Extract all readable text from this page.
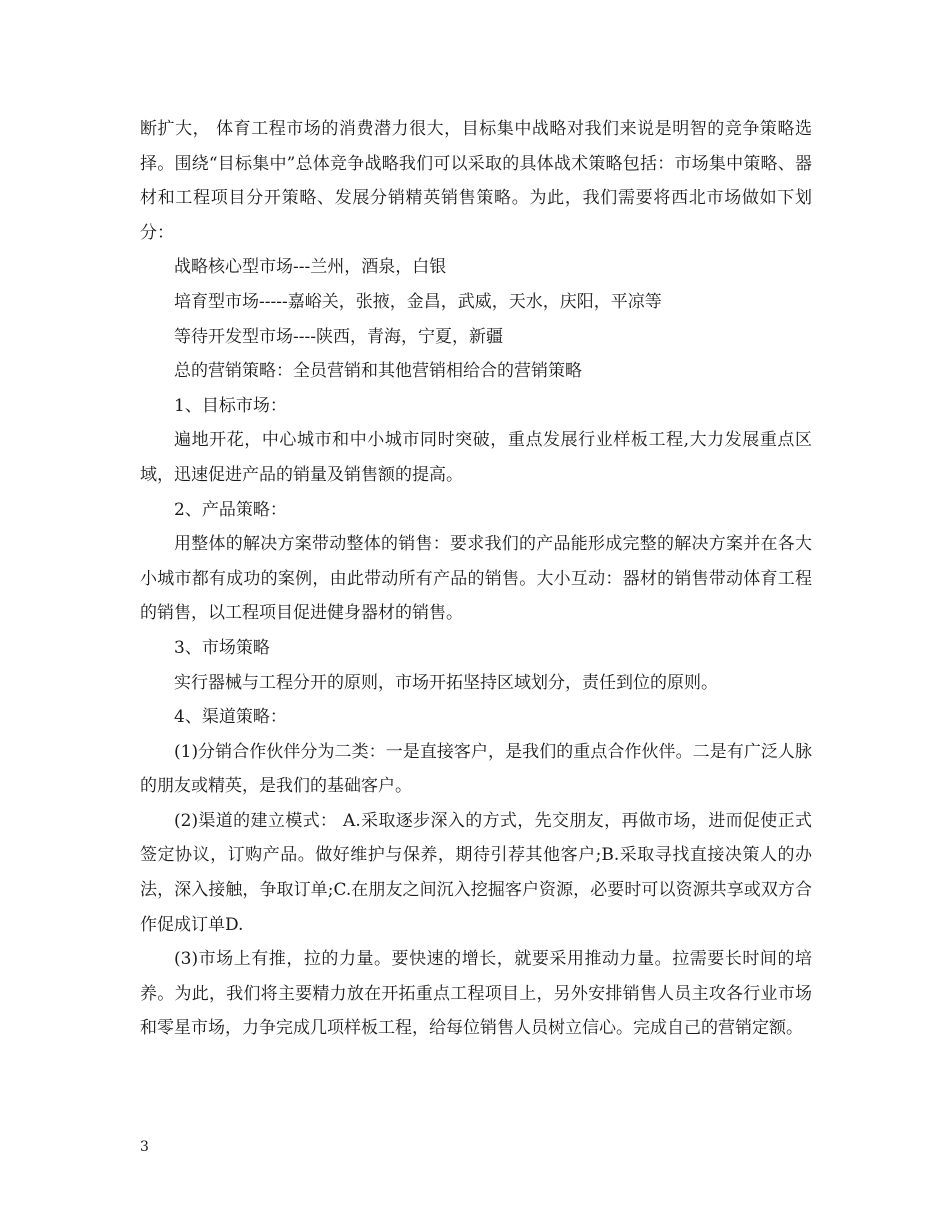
断扩大， 体育工程市场的消费潜力很大，目标集中战略对我们来说是明智的竞争策略选择。围绕“目标集中”总体竞争战略我们可以采取的具体战术策略包括：市场集中策略、器材和工程项目分开策略、发展分销精英销售策略。为此，我们需要将西北市场做如下划分：

战略核心型市场---兰州，酒泉，白银

培育型市场-----嘉峪关，张掖，金昌，武威，天水，庆阳，平凉等

等待开发型市场----陕西，青海，宁夏，新疆

总的营销策略：全员营销和其他营销相给合的营销策略

1、目标市场：

遍地开花，中心城市和中小城市同时突破，重点发展行业样板工程,大力发展重点区域，迅速促进产品的销量及销售额的提高。

2、产品策略：

用整体的解决方案带动整体的销售：要求我们的产品能形成完整的解决方案并在各大小城市都有成功的案例，由此带动所有产品的销售。大小互动：器材的销售带动体育工程的销售，以工程项目促进健身器材的销售。

3、市场策略

实行器械与工程分开的原则，市场开拓坚持区域划分，责任到位的原则。

4、渠道策略：

(1)分销合作伙伴分为二类：一是直接客户，是我们的重点合作伙伴。二是有广泛人脉的朋友或精英，是我们的基础客户。

(2)渠道的建立模式： A.采取逐步深入的方式，先交朋友，再做市场，进而促使正式签定协议，订购产品。做好维护与保养，期待引荐其他客户;B.采取寻找直接决策人的办法，深入接触，争取订单;C.在朋友之间沉入挖掘客户资源，必要时可以资源共享或双方合作促成订单D.

(3)市场上有推，拉的力量。要快速的增长，就要采用推动力量。拉需要长时间的培养。为此，我们将主要精力放在开拓重点工程项目上，另外安排销售人员主攻各行业市场和零星市场，力争完成几项样板工程，给每位销售人员树立信心。完成自己的营销定额。

3
